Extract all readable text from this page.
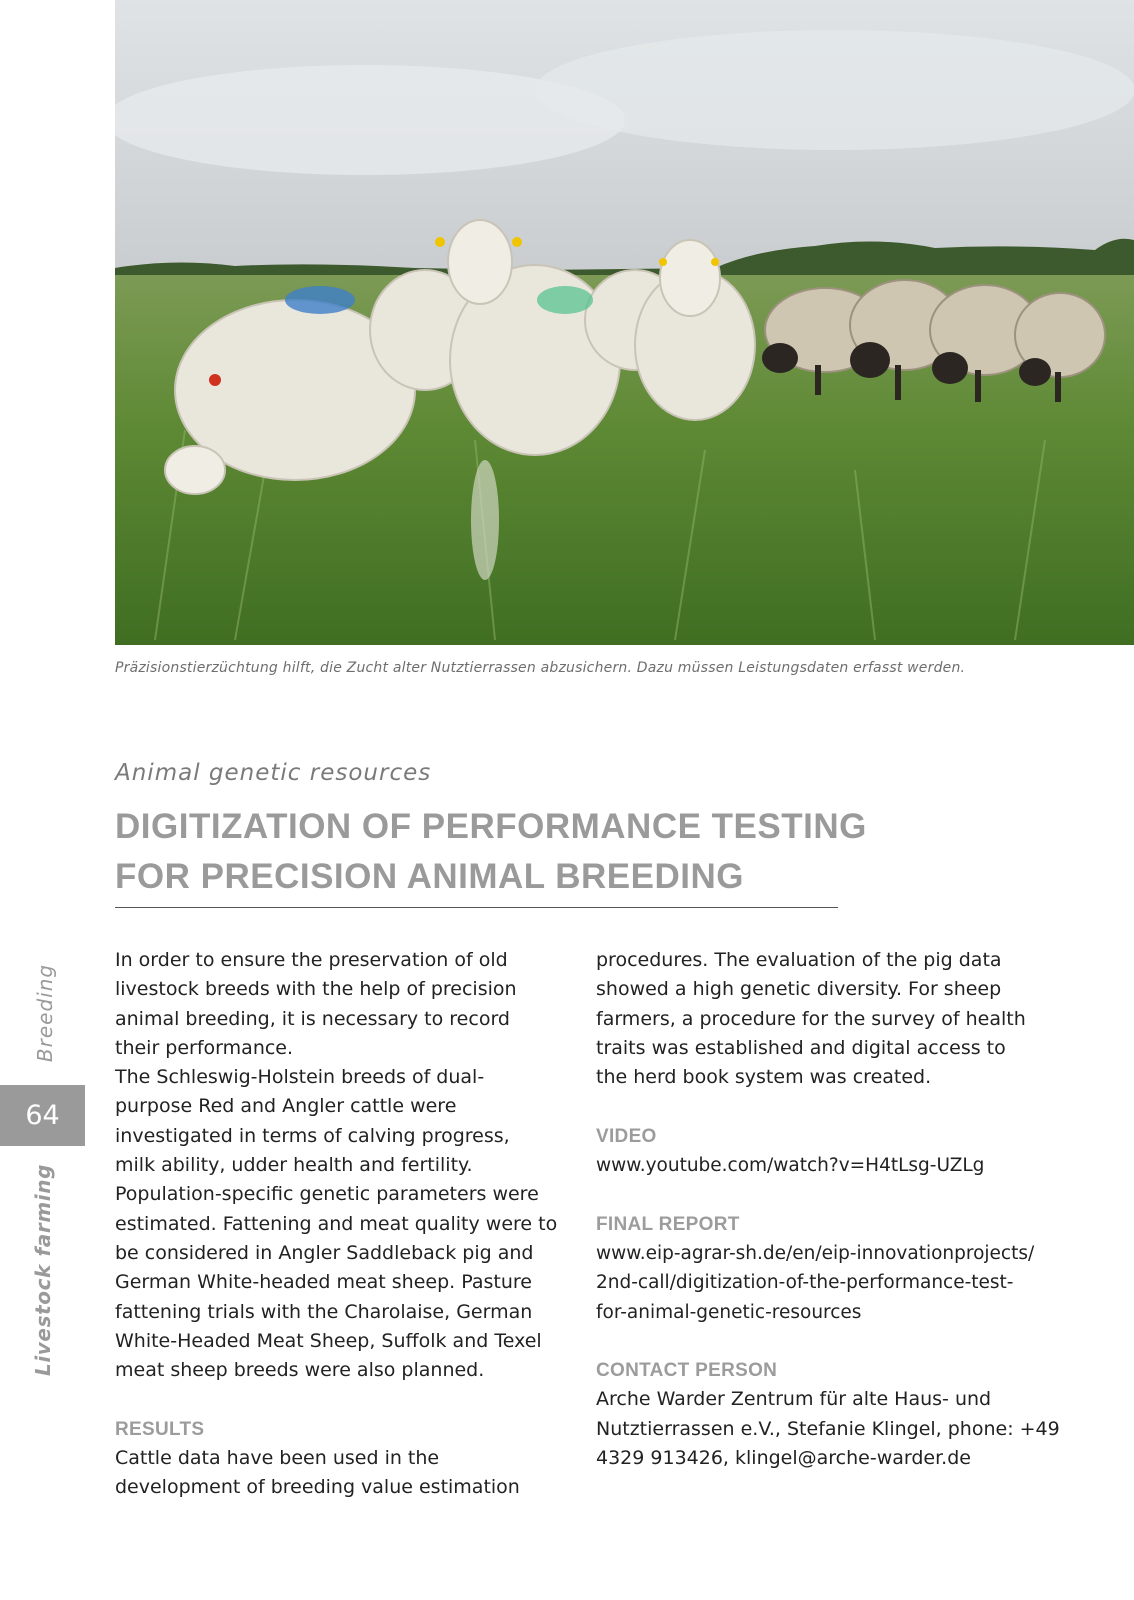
Präzisionstierzüchtung hilft, die Zucht alter Nutztierrassen abzusichern. Dazu müssen Leistungsdaten erfasst werden.
Breeding
64
Livestock farming
Animal genetic resources
DIGITIZATION OF PERFORMANCE TESTING
FOR PRECISION ANIMAL BREEDING

In order to ensure the preservation of old
livestock breeds with the help of precision
animal breeding, it is necessary to record
their performance.

The Schleswig-Holstein breeds of dual-
purpose Red and Angler cattle were
investigated in terms of calving progress,
milk ability, udder health and fertility.
Population-specific genetic parameters were
estimated. Fattening and meat quality were to
be considered in Angler Saddleback pig and
German White-headed meat sheep. Pasture
fattening trials with the Charolaise, German
White-Headed Meat Sheep, Suffolk and Texel
meat sheep breeds were also planned.

RESULTS

Cattle data have been used in the
development of breeding value estimation

procedures. The evaluation of the pig data
showed a high genetic diversity. For sheep
farmers, a procedure for the survey of health
traits was established and digital access to
the herd book system was created.

VIDEO

www.youtube.com/watch?v=H4tLsg-UZLg

FINAL REPORT

www.eip-agrar-sh.de/en/eip-innovationprojects/
2nd-call/digitization-of-the-performance-test-
for-animal-genetic-resources

CONTACT PERSON

Arche Warder Zentrum für alte Haus- und
Nutztierrassen e.V., Stefanie Klingel, phone: +49
4329 913426, klingel@arche-warder.de
